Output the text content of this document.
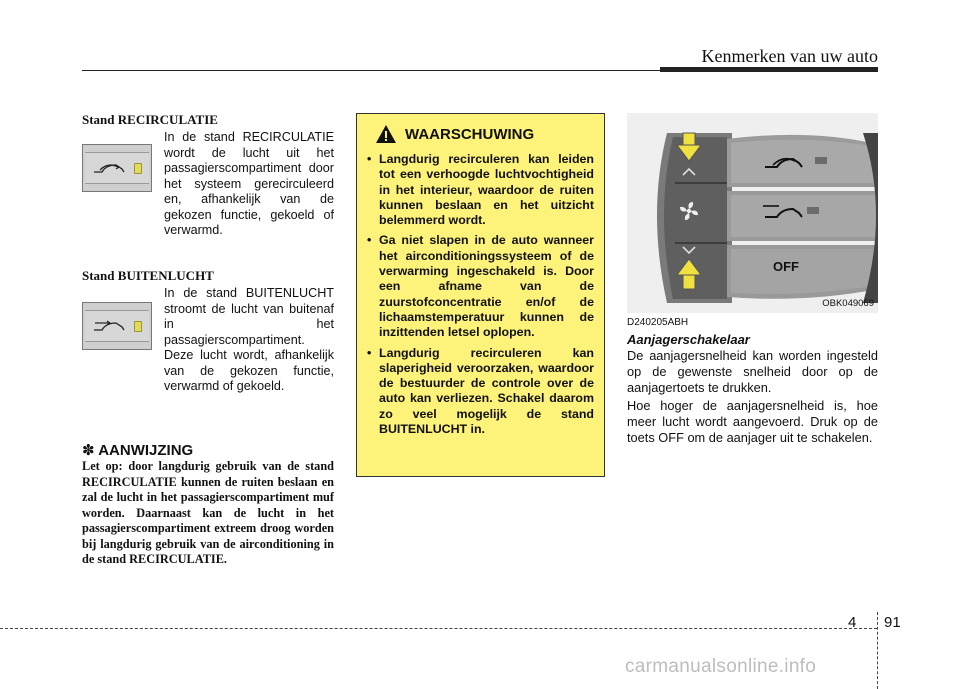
Kenmerken van uw auto
Stand RECIRCULATIE
In de stand RECIRCULATIE wordt de lucht uit het passagierscompartiment door het systeem gerecirculeerd en, afhankelijk van de gekozen functie, gekoeld of verwarmd.
Stand BUITENLUCHT
In de stand BUITENLUCHT stroomt de lucht van buitenaf in het passagierscompartiment. Deze lucht wordt, afhankelijk van de gekozen functie, verwarmd of gekoeld.
✽ AANWIJZING
Let op: door langdurig gebruik van de stand RECIRCULATIE kunnen de ruiten beslaan en zal de lucht in het passagierscompartiment muf worden. Daarnaast kan de lucht in het passagierscompartiment extreem droog worden bij langdurig gebruik van de airconditioning in de stand RECIRCULATIE.
WAARSCHUWING
• Langdurig recirculeren kan leiden tot een verhoogde luchtvochtigheid in het interieur, waardoor de ruiten kunnen beslaan en het uitzicht belemmerd wordt.
• Ga niet slapen in de auto wanneer het airconditioningssysteem of de verwarming ingeschakeld is. Door een afname van de zuurstofconcentratie en/of de lichaamstemperatuur kunnen de inzittenden letsel oplopen.
• Langdurig recirculeren kan slaperigheid veroorzaken, waardoor de bestuurder de controle over de auto kan verliezen. Schakel daarom zo veel mogelijk de stand BUITENLUCHT in.
OFF
OBK049069
D240205ABH
Aanjagerschakelaar
De aanjagersnelheid kan worden ingesteld op de gewenste snelheid door op de aanjagertoets te drukken.
Hoe hoger de aanjagersnelheid is, hoe meer lucht wordt aangevoerd. Druk op de toets OFF om de aanjager uit te schakelen.
4 91
carmanualsonline.info
